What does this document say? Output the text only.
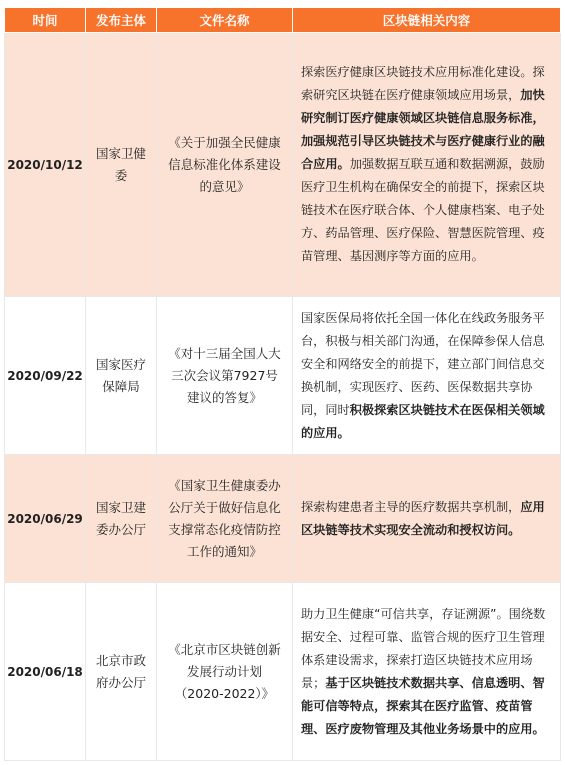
时间	发布主体	文件名称	区块链相关内容
2020/10/12	国家卫健委	《关于加强全民健康信息标准化体系建设的意见》	探索医疗健康区块链技术应用标准化建设。探索研究区块链在医疗健康领域应用场景，加快研究制订医疗健康领域区块链信息服务标准，加强规范引导区块链技术与医疗健康行业的融合应用。加强数据互联互通和数据溯源，鼓励医疗卫生机构在确保安全的前提下，探索区块链技术在医疗联合体、个人健康档案、电子处方、药品管理、医疗保险、智慧医院管理、疫苗管理、基因测序等方面的应用。
2020/09/22	国家医疗保障局	《对十三届全国人大三次会议第7927号建议的答复》	国家医保局将依托全国一体化在线政务服务平台，积极与相关部门沟通，在保障参保人信息安全和网络安全的前提下，建立部门间信息交换机制，实现医疗、医药、医保数据共享协同，同时积极探索区块链技术在医保相关领域的应用。
2020/06/29	国家卫建委办公厅	《国家卫生健康委办公厅关于做好信息化支撑常态化疫情防控工作的通知》	探索构建患者主导的医疗数据共享机制，应用区块链等技术实现安全流动和授权访问。
2020/06/18	北京市政府办公厅	《北京市区块链创新发展行动计划（2020-2022）》	助力卫生健康“可信共享，存证溯源”。围绕数据安全、过程可靠、监管合规的医疗卫生管理体系建设需求，探索打造区块链技术应用场景；基于区块链技术数据共享、信息透明、智能可信等特点，探索其在医疗监管、疫苗管理、医疗废物管理及其他业务场景中的应用。
